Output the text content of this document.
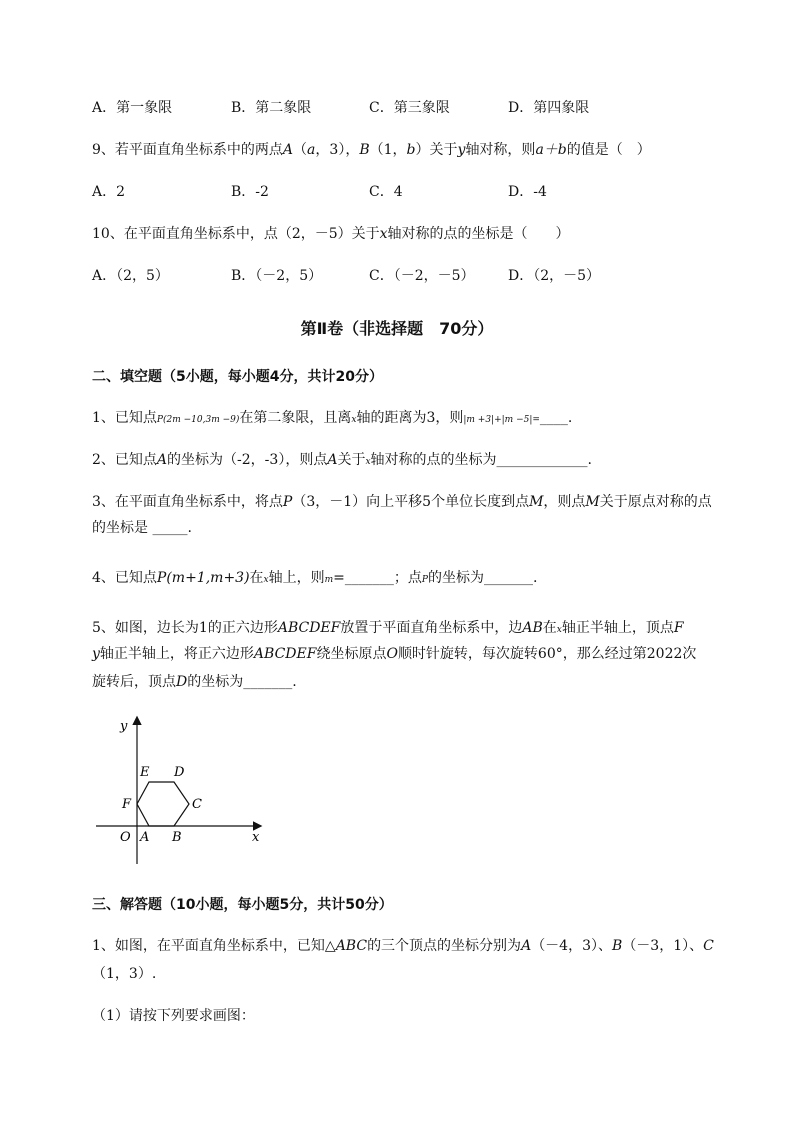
A．第一象限	B．第二象限	C．第三象限	D．第四象限
9、若平面直角坐标系中的两点A（a，3），B（1，b）关于y轴对称，则a＋b的值是（　）
A．2	B．-2	C．4	D．-4
10、在平面直角坐标系中，点（2，－5）关于x轴对称的点的坐标是（　　）
A．（2，5）	B．（－2，5）	C．（－2，－5） D．（2，－5）
第Ⅱ卷（非选择题　70分）
二、填空题（5小题，每小题4分，共计20分）
1、已知点P(2m −10,3m −9)在第二象限，且离x轴的距离为3，则|m +3|+|m −5|=____.
2、已知点A的坐标为（-2，-3），则点A关于x轴对称的点的坐标为_____________.
3、在平面直角坐标系中，将点P（3，－1）向上平移5个单位长度到点M，则点M关于原点对称的点
的坐标是 _____.
4、已知点P(m+1,m+3)在x轴上，则m=_______；点P的坐标为_______.
5、如图，边长为1的正六边形ABCDEF放置于平面直角坐标系中，边AB在x轴正半轴上，顶点F
y轴正半轴上，将正六边形ABCDEF绕坐标原点O顺时针旋转，每次旋转60°，那么经过第2022次
旋转后，顶点D的坐标为_______.
y
x
O A B
C
D
E
F
三、解答题（10小题，每小题5分，共计50分）
1、如图，在平面直角坐标系中，已知△ABC的三个顶点的坐标分别为A（－4，3）、B（－3，1）、C
（1，3）.
（1）请按下列要求画图：
